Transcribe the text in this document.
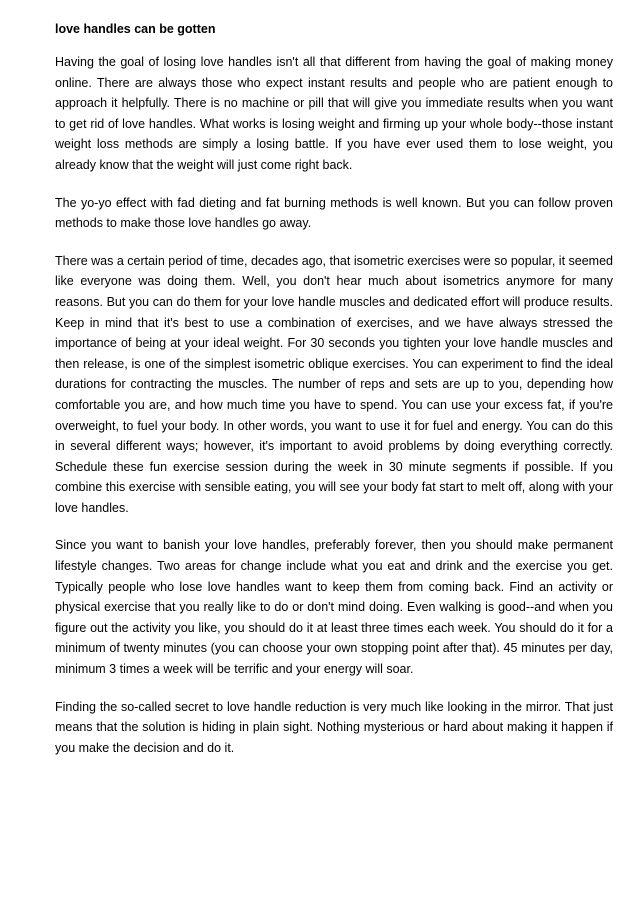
love handles can be gotten

Having the goal of losing love handles isn't all that different from having the goal of making money online. There are always those who expect instant results and people who are patient enough to approach it helpfully. There is no machine or pill that will give you immediate results when you want to get rid of love handles. What works is losing weight and firming up your whole body--those instant weight loss methods are simply a losing battle. If you have ever used them to lose weight, you already know that the weight will just come right back.

The yo-yo effect with fad dieting and fat burning methods is well known. But you can follow proven methods to make those love handles go away.

There was a certain period of time, decades ago, that isometric exercises were so popular, it seemed like everyone was doing them. Well, you don't hear much about isometrics anymore for many reasons. But you can do them for your love handle muscles and dedicated effort will produce results. Keep in mind that it's best to use a combination of exercises, and we have always stressed the importance of being at your ideal weight. For 30 seconds you tighten your love handle muscles and then release, is one of the simplest isometric oblique exercises. You can experiment to find the ideal durations for contracting the muscles. The number of reps and sets are up to you, depending how comfortable you are, and how much time you have to spend. You can use your excess fat, if you're overweight, to fuel your body. In other words, you want to use it for fuel and energy. You can do this in several different ways; however, it's important to avoid problems by doing everything correctly. Schedule these fun exercise session during the week in 30 minute segments if possible. If you combine this exercise with sensible eating, you will see your body fat start to melt off, along with your love handles.

Since you want to banish your love handles, preferably forever, then you should make permanent lifestyle changes. Two areas for change include what you eat and drink and the exercise you get. Typically people who lose love handles want to keep them from coming back. Find an activity or physical exercise that you really like to do or don't mind doing. Even walking is good--and when you figure out the activity you like, you should do it at least three times each week. You should do it for a minimum of twenty minutes (you can choose your own stopping point after that). 45 minutes per day, minimum 3 times a week will be terrific and your energy will soar.

Finding the so-called secret to love handle reduction is very much like looking in the mirror. That just means that the solution is hiding in plain sight. Nothing mysterious or hard about making it happen if you make the decision and do it.
